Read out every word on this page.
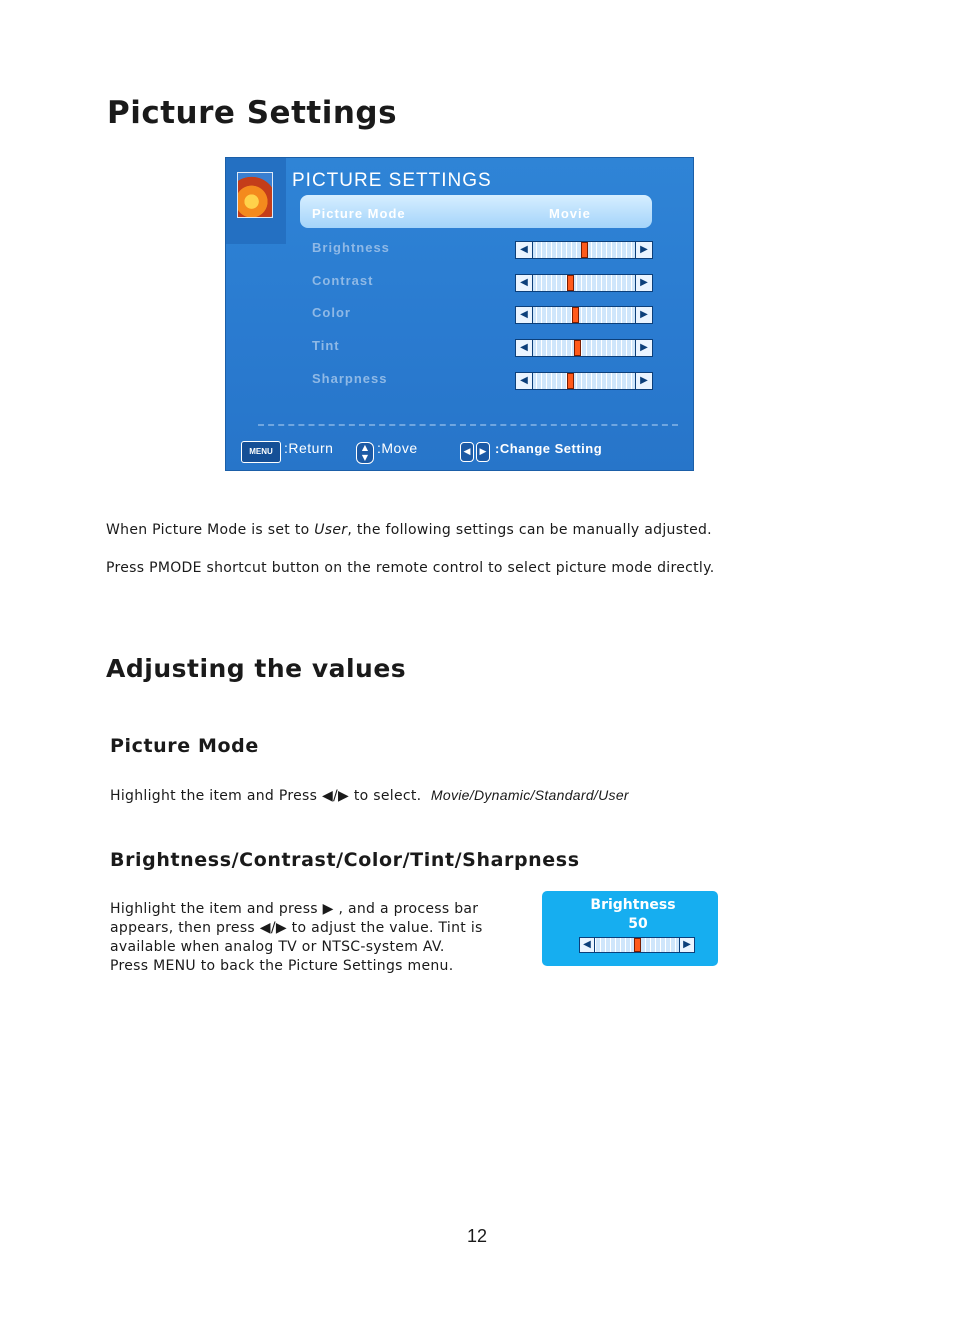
Picture Settings
PICTURE SETTINGS
Picture Mode	Movie
Brightness	◀	▶
Contrast	◀	▶
Color	◀	▶
Tint	◀	▶
Sharpness	◀	▶
MENU :Return	▲
▼
:Move	◀	▶ :Change Setting

When Picture Mode is set to User, the following settings can be manually adjusted.

Press PMODE shortcut button on the remote control to select picture mode directly.

Adjusting the values
Picture Mode

Highlight the item and Press ◀/▶ to select. Movie/Dynamic/Standard/User

Brightness/Contrast/Color/Tint/Sharpness

Highlight the item and press ▶ , and a process bar

appears, then press ◀/▶ to adjust the value. Tint is

available when analog TV or NTSC-system AV.

Press MENU to back the Picture Settings menu.

Brightness
50
◀	▶
12
